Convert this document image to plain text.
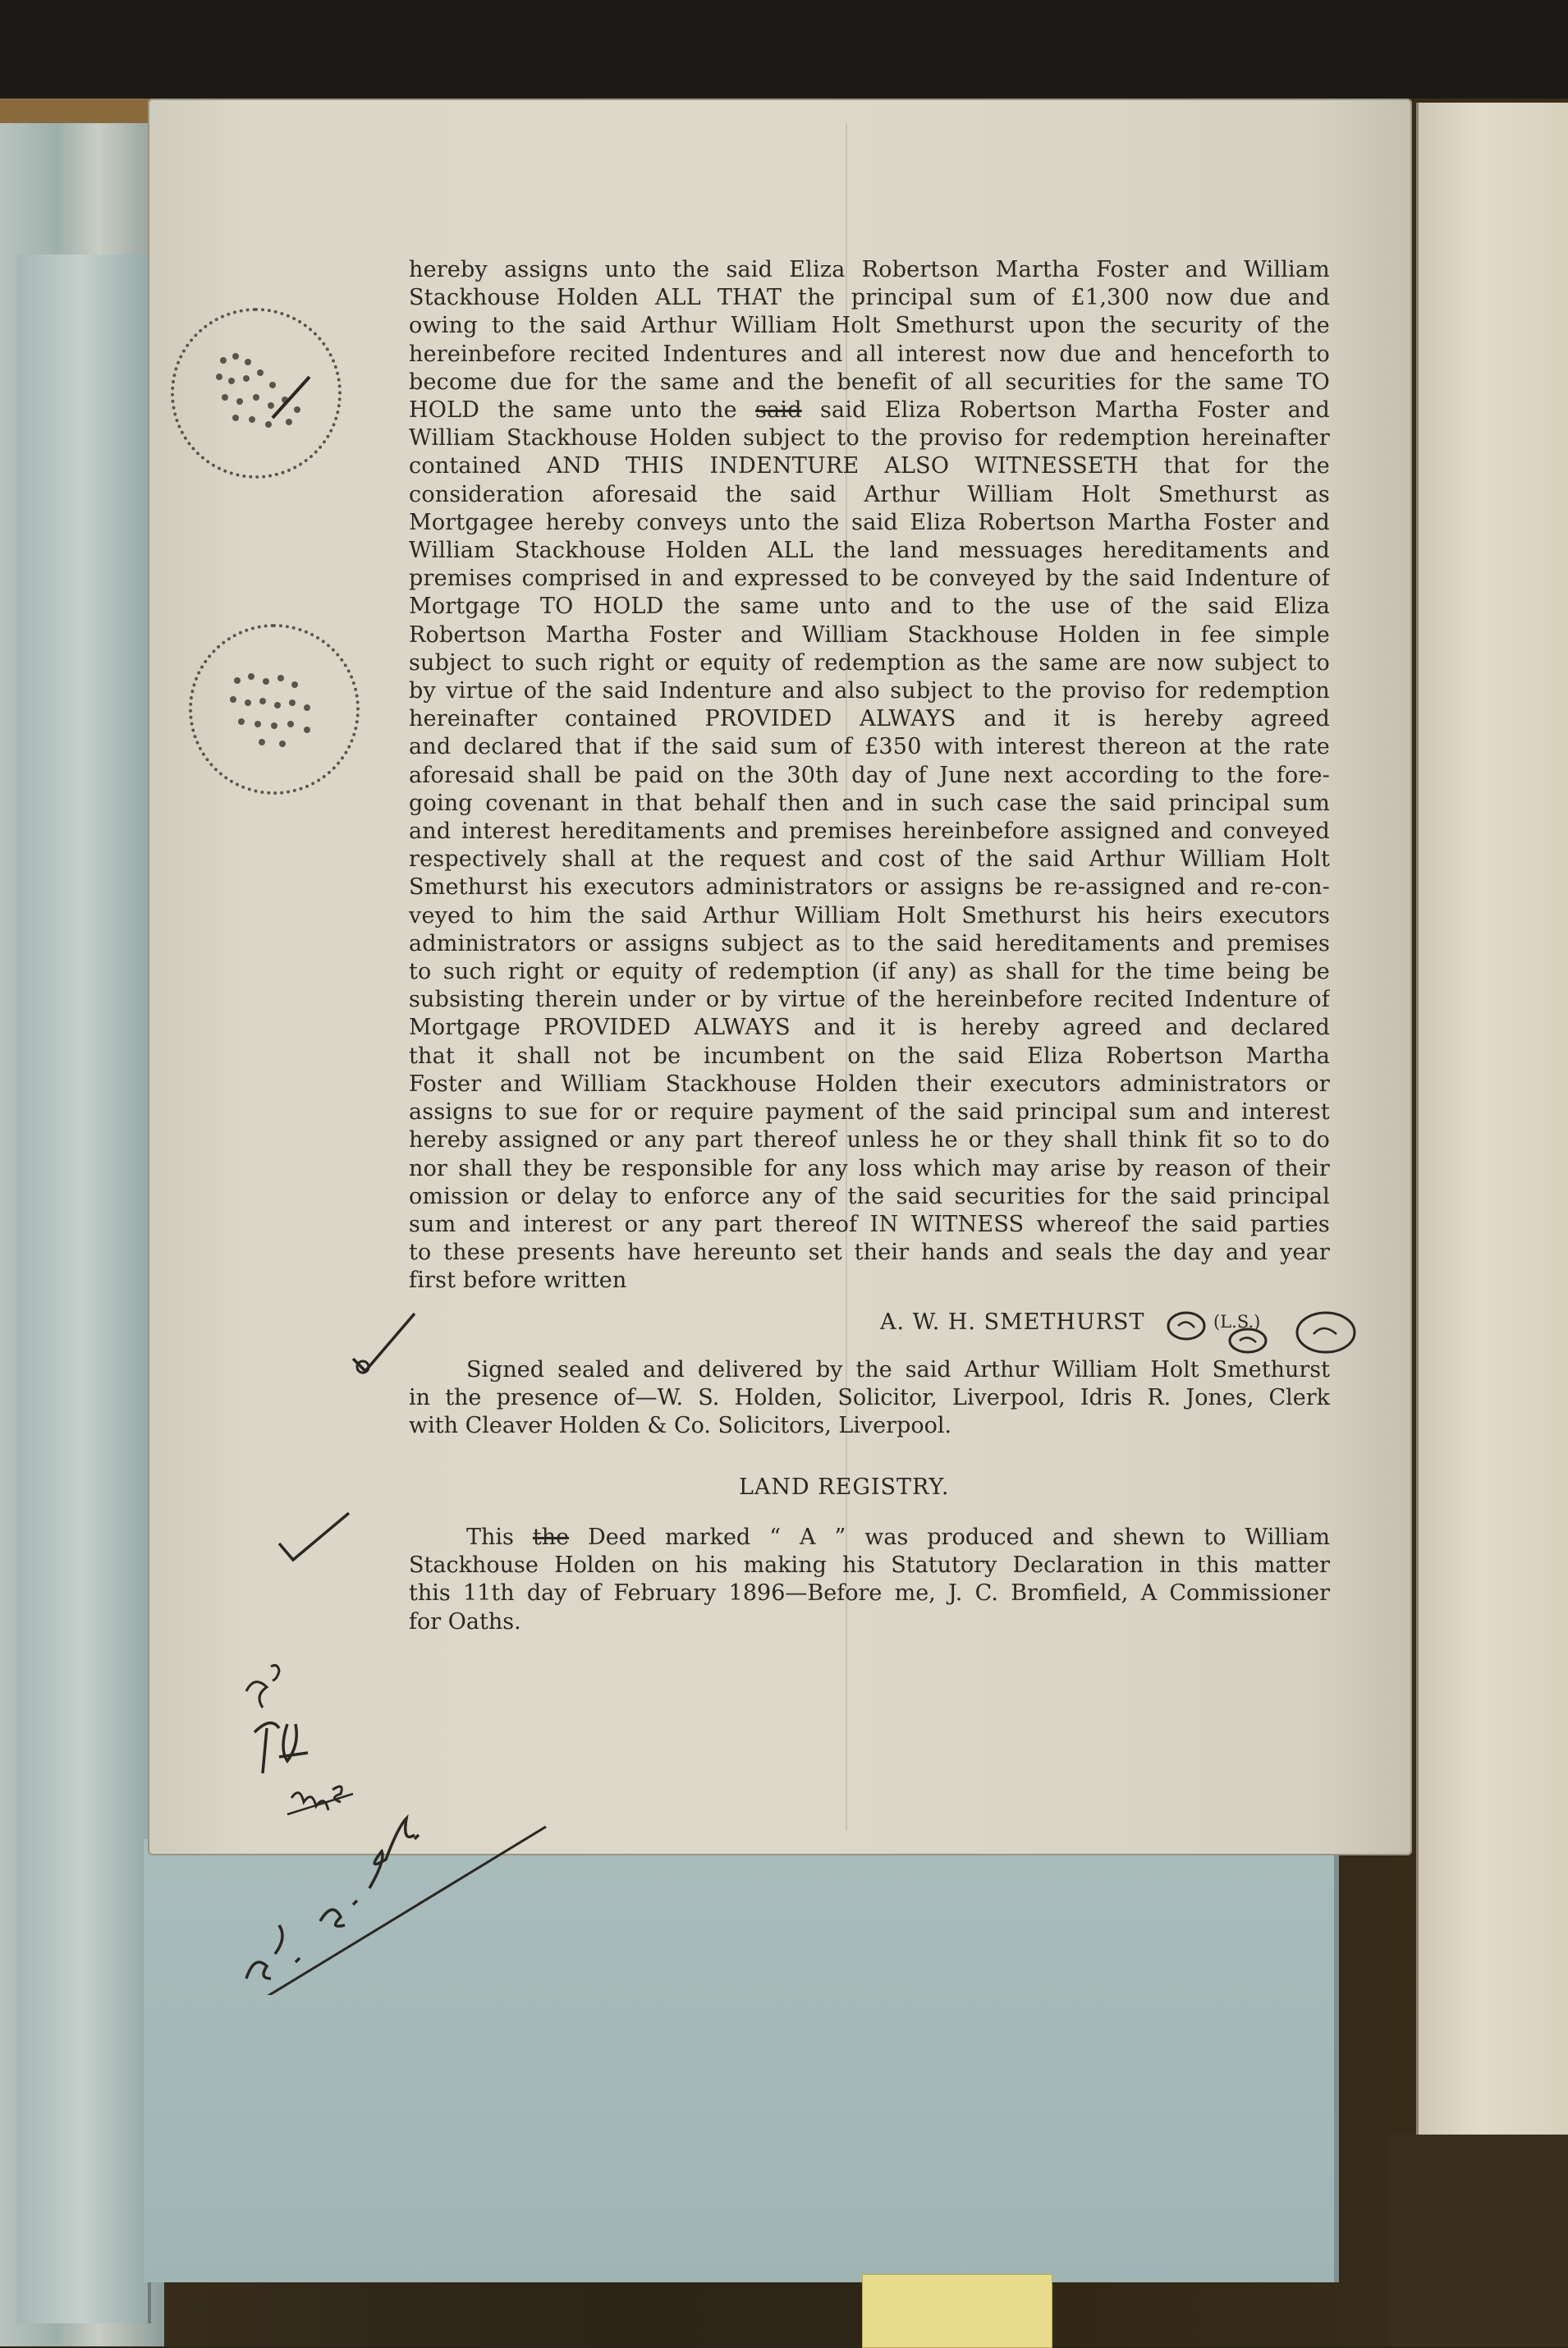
hereby assigns unto the said Eliza Robertson Martha Foster and William
Stackhouse Holden ALL THAT the principal sum of £1,300 now due and
owing to the said Arthur William Holt Smethurst upon the security of the
hereinbefore recited Indentures and all interest now due and henceforth to
become due for the same and the benefit of all securities for the same TO
HOLD the same unto the said said Eliza Robertson Martha Foster and
William Stackhouse Holden subject to the proviso for redemption hereinafter
contained AND THIS INDENTURE ALSO WITNESSETH that for the
consideration aforesaid the said Arthur William Holt Smethurst as
Mortgagee hereby conveys unto the said Eliza Robertson Martha Foster and
William Stackhouse Holden ALL the land messuages hereditaments and
premises comprised in and expressed to be conveyed by the said Indenture of
Mortgage TO HOLD the same unto and to the use of the said Eliza
Robertson Martha Foster and William Stackhouse Holden in fee simple
subject to such right or equity of redemption as the same are now subject to
by virtue of the said Indenture and also subject to the proviso for redemption
hereinafter contained PROVIDED ALWAYS and it is hereby agreed
and declared that if the said sum of £350 with interest thereon at the rate
aforesaid shall be paid on the 30th day of June next according to the fore-
going covenant in that behalf then and in such case the said principal sum
and interest hereditaments and premises hereinbefore assigned and conveyed
respectively shall at the request and cost of the said Arthur William Holt
Smethurst his executors administrators or assigns be re-assigned and re-con-
veyed to him the said Arthur William Holt Smethurst his heirs executors
administrators or assigns subject as to the said hereditaments and premises
to such right or equity of redemption (if any) as shall for the time being be
subsisting therein under or by virtue of the hereinbefore recited Indenture of
Mortgage PROVIDED ALWAYS and it is hereby agreed and declared
that it shall not be incumbent on the said Eliza Robertson Martha
Foster and William Stackhouse Holden their executors administrators or
assigns to sue for or require payment of the said principal sum and interest
hereby assigned or any part thereof unless he or they shall think fit so to do
nor shall they be responsible for any loss which may arise by reason of their
omission or delay to enforce any of the said securities for the said principal
sum and interest or any part thereof IN WITNESS whereof the said parties
to these presents have hereunto set their hands and seals the day and year
first before written
A. W. H. SMETHURST	(L.S.)
Signed sealed and delivered by the said Arthur William Holt Smethurst
in the presence of—W. S. Holden, Solicitor, Liverpool, Idris R. Jones, Clerk
with Cleaver Holden & Co. Solicitors, Liverpool.
LAND REGISTRY.
This the Deed marked “ A ” was produced and shewn to William
Stackhouse Holden on his making his Statutory Declaration in this matter
this 11th day of February 1896—Before me, J. C. Bromfield, A Commissioner
for Oaths.
